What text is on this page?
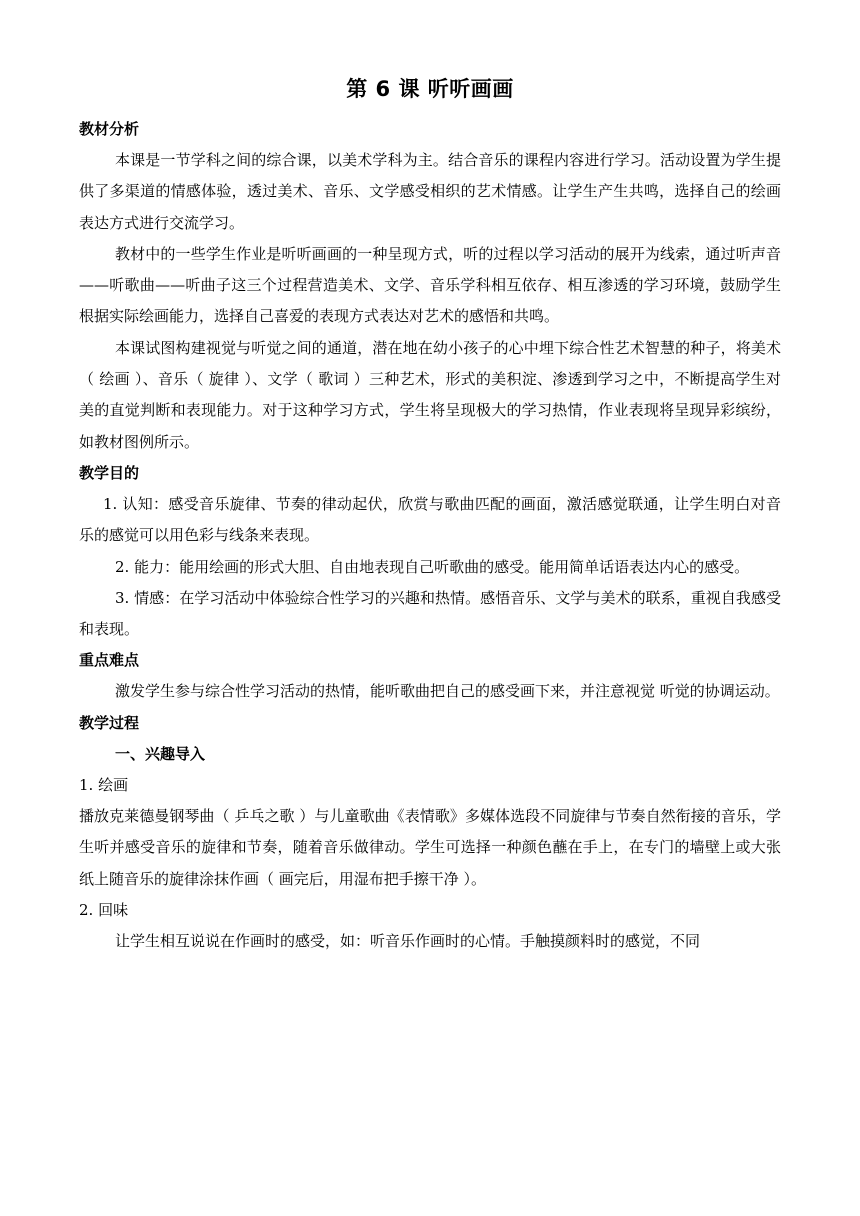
第 6 课 听听画画
教材分析

本课是一节学科之间的综合课，以美术学科为主。结合音乐的课程内容进行学习。活动设置为学生提供了多渠道的情感体验，透过美术、音乐、文学感受相织的艺术情感。让学生产生共鸣，选择自己的绘画表达方式进行交流学习。

教材中的一些学生作业是听听画画的一种呈现方式，听的过程以学习活动的展开为线索，通过听声音——听歌曲——听曲子这三个过程营造美术、文学、音乐学科相互依存、相互渗透的学习环境，鼓励学生根据实际绘画能力，选择自己喜爱的表现方式表达对艺术的感悟和共鸣。

本课试图构建视觉与听觉之间的通道，潜在地在幼小孩子的心中埋下综合性艺术智慧的种子，将美术（ 绘画 ）、音乐（ 旋律 ）、文学（ 歌词 ）三种艺术，形式的美积淀、渗透到学习之中，不断提高学生对美的直觉判断和表现能力。对于这种学习方式，学生将呈现极大的学习热情，作业表现将呈现异彩缤纷，如教材图例所示。

教学目的

1. 认知：感受音乐旋律、节奏的律动起伏，欣赏与歌曲匹配的画面，激活感觉联通，让学生明白对音乐的感觉可以用色彩与线条来表现。

2. 能力：能用绘画的形式大胆、自由地表现自己听歌曲的感受。能用简单话语表达内心的感受。

3. 情感：在学习活动中体验综合性学习的兴趣和热情。感悟音乐、文学与美术的联系，重视自我感受和表现。

重点难点

激发学生参与综合性学习活动的热情，能听歌曲把自己的感受画下来，并注意视觉 听觉的协调运动。

教学过程
一、兴趣导入

1. 绘画

播放克莱德曼钢琴曲（ 乒乓之歌 ）与儿童歌曲《表情歌》多媒体选段不同旋律与节奏自然衔接的音乐，学生听并感受音乐的旋律和节奏，随着音乐做律动。学生可选择一种颜色蘸在手上，在专门的墙壁上或大张纸上随音乐的旋律涂抹作画（ 画完后，用湿布把手擦干净 ）。

2. 回味

让学生相互说说在作画时的感受，如：听音乐作画时的心情。手触摸颜料时的感觉，不同
